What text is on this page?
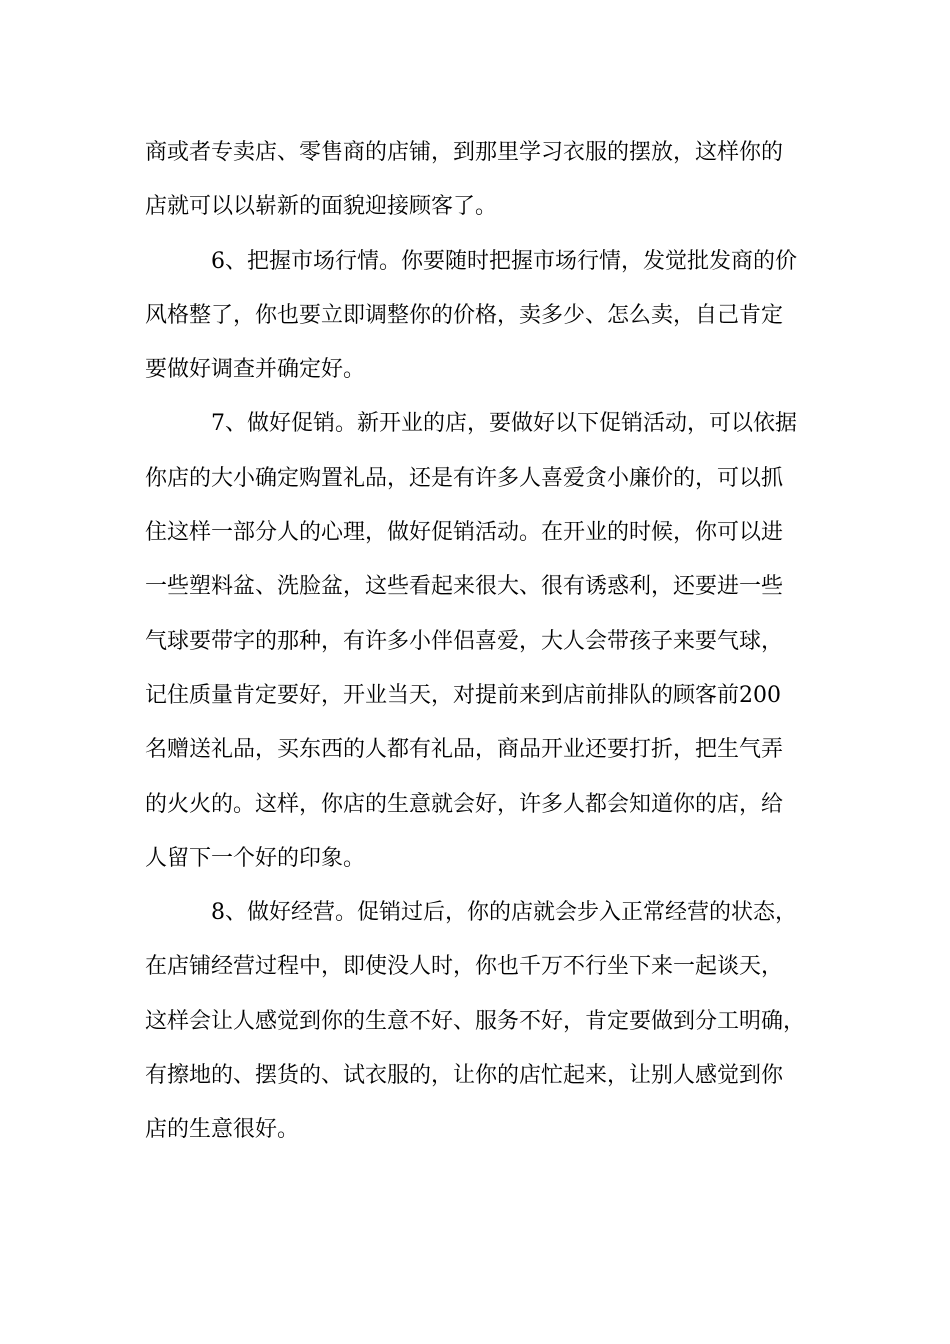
商或者专卖店、零售商的店铺，到那里学习衣服的摆放，这样你的
店就可以以崭新的面貌迎接顾客了。
6、把握市场行情。你要随时把握市场行情，发觉批发商的价
风格整了，你也要立即调整你的价格，卖多少、怎么卖，自己肯定
要做好调查并确定好。
7、做好促销。新开业的店，要做好以下促销活动，可以依据
你店的大小确定购置礼品，还是有许多人喜爱贪小廉价的，可以抓
住这样一部分人的心理，做好促销活动。在开业的时候，你可以进
一些塑料盆、洗脸盆，这些看起来很大、很有诱惑利，还要进一些
气球要带字的那种，有许多小伴侣喜爱，大人会带孩子来要气球，
记住质量肯定要好，开业当天，对提前来到店前排队的顾客前200
名赠送礼品，买东西的人都有礼品，商品开业还要打折，把生气弄
的火火的。这样，你店的生意就会好，许多人都会知道你的店，给
人留下一个好的印象。
8、做好经营。促销过后，你的店就会步入正常经营的状态，
在店铺经营过程中，即使没人时，你也千万不行坐下来一起谈天，
这样会让人感觉到你的生意不好、服务不好，肯定要做到分工明确，
有擦地的、摆货的、试衣服的，让你的店忙起来，让别人感觉到你
店的生意很好。
